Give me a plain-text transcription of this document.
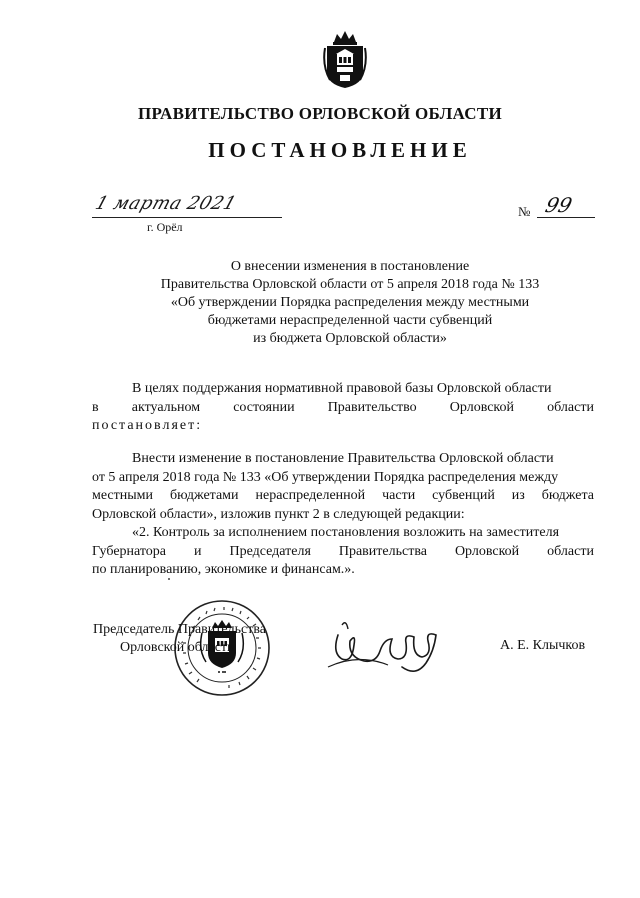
ПРАВИТЕЛЬСТВО ОРЛОВСКОЙ ОБЛАСТИ
ПОСТАНОВЛЕНИЕ
1 марта 2021
г. Орёл
№ 99
О внесении изменения в постановление
Правительства Орловской области от 5 апреля 2018 года № 133
«Об утверждении Порядка распределения между местными
бюджетами нераспределенной части субвенций
из бюджета Орловской области»
В целях поддержания нормативной правовой базы Орловской области
в актуальном состоянии Правительство Орловской области
постановляет:
Внести изменение в постановление Правительства Орловской области
от 5 апреля 2018 года № 133 «Об утверждении Порядка распределения между
местными бюджетами нераспределенной части субвенций из бюджета
Орловской области», изложив пункт 2 в следующей редакции:
«2. Контроль за исполнением постановления возложить на заместителя
Губернатора и Председателя Правительства Орловской области
по планированию, экономике и финансам.».
Председатель Правительства
Орловской области	А. Е. Клычков
